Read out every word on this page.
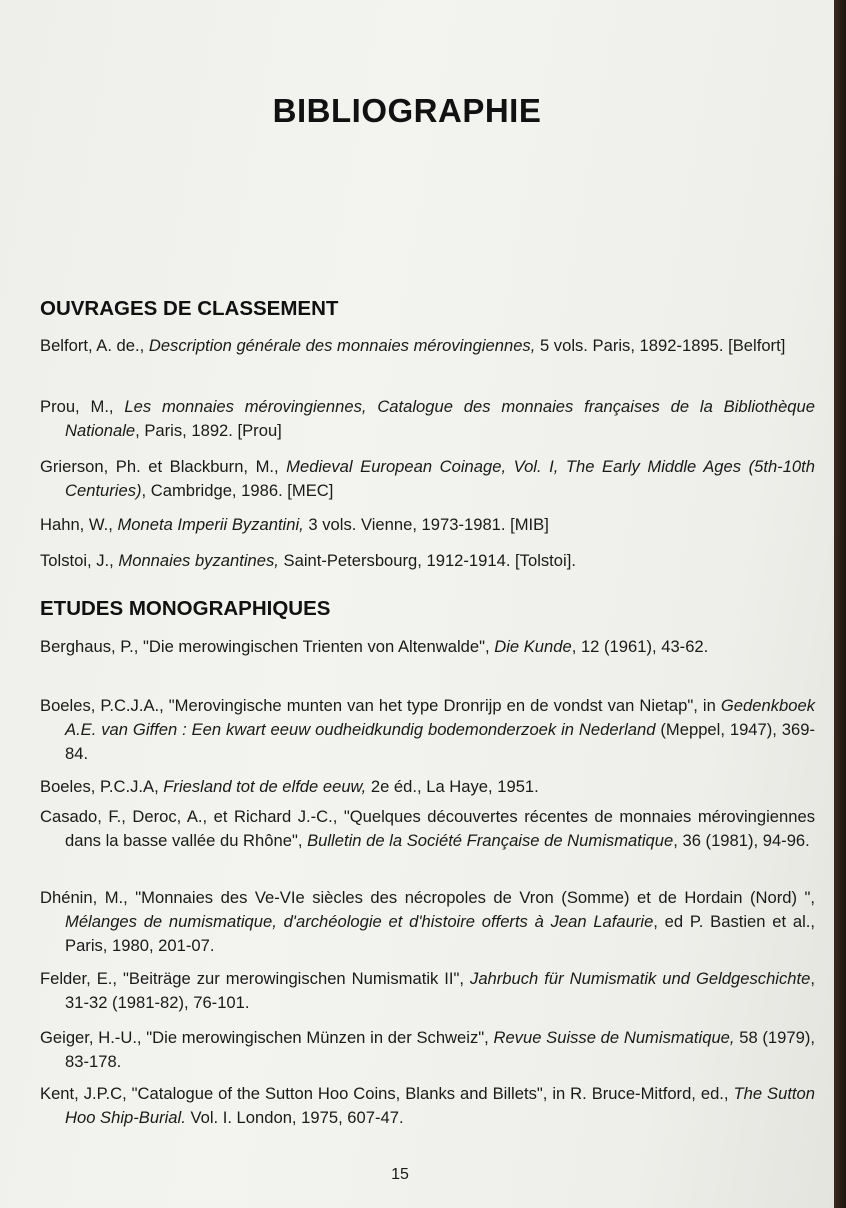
BIBLIOGRAPHIE
OUVRAGES DE CLASSEMENT

Belfort, A. de., Description générale des monnaies mérovingiennes, 5 vols. Paris, 1892-1895. [Belfort]

Prou, M., Les monnaies mérovingiennes, Catalogue des monnaies françaises de la Bibliothèque Nationale, Paris, 1892. [Prou]

Grierson, Ph. et Blackburn, M., Medieval European Coinage, Vol. I, The Early Middle Ages (5th-10th Centuries), Cambridge, 1986. [MEC]

Hahn, W., Moneta Imperii Byzantini, 3 vols. Vienne, 1973-1981. [MIB]

Tolstoi, J., Monnaies byzantines, Saint-Petersbourg, 1912-1914. [Tolstoi].

ETUDES MONOGRAPHIQUES

Berghaus, P., "Die merowingischen Trienten von Altenwalde", Die Kunde, 12 (1961), 43-62.

Boeles, P.C.J.A., "Merovingische munten van het type Dronrijp en de vondst van Nietap", in Gedenkboek A.E. van Giffen : Een kwart eeuw oudheidkundig bodemonderzoek in Nederland (Meppel, 1947), 369-84.

Boeles, P.C.J.A, Friesland tot de elfde eeuw, 2e éd., La Haye, 1951.

Casado, F., Deroc, A., et Richard J.-C., "Quelques découvertes récentes de monnaies mérovingiennes dans la basse vallée du Rhône", Bulletin de la Société Française de Numismatique, 36 (1981), 94-96.

Dhénin, M., "Monnaies des Ve-VIe siècles des nécropoles de Vron (Somme) et de Hordain (Nord) ", Mélanges de numismatique, d'archéologie et d'histoire offerts à Jean Lafaurie, ed P. Bastien et al., Paris, 1980, 201-07.

Felder, E., "Beiträge zur merowingischen Numismatik II", Jahrbuch für Numismatik und Geldgeschichte, 31-32 (1981-82), 76-101.

Geiger, H.-U., "Die merowingischen Münzen in der Schweiz", Revue Suisse de Numismatique, 58 (1979), 83-178.

Kent, J.P.C, "Catalogue of the Sutton Hoo Coins, Blanks and Billets", in R. Bruce-Mitford, ed., The Sutton Hoo Ship-Burial. Vol. I. London, 1975, 607-47.

15
